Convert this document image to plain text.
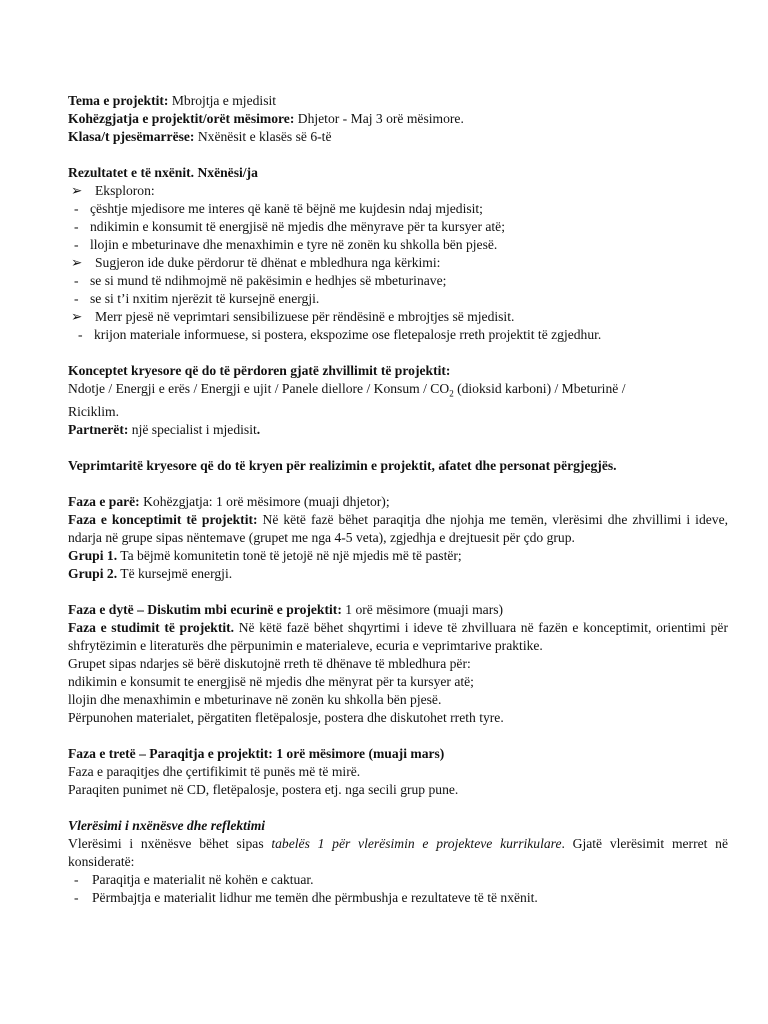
Tema e projektit: Mbrojtja e mjedisit

Kohëzgjatja e projektit/orët mësimore: Dhjetor - Maj 3 orë mësimore.

Klasa/t pjesëmarrëse: Nxënësit e klasës së 6-të

Rezultatet e të nxënit. Nxënësi/ja

➢ Eksploron:

- çështje mjedisore me interes që kanë të bëjnë me kujdesin ndaj mjedisit;

- ndikimin e konsumit të energjisë në mjedis dhe mënyrave për ta kursyer atë;

- llojin e mbeturinave dhe menaxhimin e tyre në zonën ku shkolla bën pjesë.

➢ Sugjeron ide duke përdorur të dhënat e mbledhura nga kërkimi:

- se si mund të ndihmojmë në pakësimin e hedhjes së mbeturinave;

- se si t’i nxitim njerëzit të kursejnë energji.

➢ Merr pjesë në veprimtari sensibilizuese për rëndësinë e mbrojtjes së mjedisit.

- krijon materiale informuese, si postera, ekspozime ose fletepalosje rreth projektit të zgjedhur.

Konceptet kryesore që do të përdoren gjatë zhvillimit të projektit:

Ndotje / Energji e erës / Energji e ujit / Panele diellore / Konsum / $CO_2$ (dioksid karboni) / Mbeturinë /

Riciklim.

Partnerët: një specialist i mjedisit.

Veprimtaritë kryesore që do të kryen për realizimin e projektit, afatet dhe personat përgjegjës.

Faza e parë: Kohëzgjatja: 1 orë mësimore (muaji dhjetor);

Faza e konceptimit të projektit: Në këtë fazë bëhet paraqitja dhe njohja me temën, vlerësimi dhe zhvillimi i ideve, ndarja në grupe sipas nëntemave (grupet me nga 4-5 veta), zgjedhja e drejtuesit për çdo grup.

Grupi 1. Ta bëjmë komunitetin tonë të jetojë në një mjedis më të pastër;

Grupi 2. Të kursejmë energji.

Faza e dytë – Diskutim mbi ecurinë e projektit: 1 orë mësimore (muaji mars)

Faza e studimit të projektit. Në këtë fazë bëhet shqyrtimi i ideve të zhvilluara në fazën e konceptimit, orientimi për shfrytëzimin e literaturës dhe përpunimin e materialeve, ecuria e veprimtarive praktike.

Grupet sipas ndarjes së bërë diskutojnë rreth të dhënave të mbledhura për:

ndikimin e konsumit te energjisë në mjedis dhe mënyrat për ta kursyer atë;

llojin dhe menaxhimin e mbeturinave në zonën ku shkolla bën pjesë.

Përpunohen materialet, përgatiten fletëpalosje, postera dhe diskutohet rreth tyre.

Faza e tretë – Paraqitja e projektit: 1 orë mësimore (muaji mars)

Faza e paraqitjes dhe çertifikimit të punës më të mirë.

Paraqiten punimet në CD, fletëpalosje, postera etj. nga secili grup pune.

Vlerësimi i nxënësve dhe reflektimi

Vlerësimi i nxënësve bëhet sipas tabelës 1 për vlerësimin e projekteve kurrikulare. Gjatë vlerësimit merret në konsideratë:

- Paraqitja e materialit në kohën e caktuar.

- Përmbajtja e materialit lidhur me temën dhe përmbushja e rezultateve të të nxënit.
